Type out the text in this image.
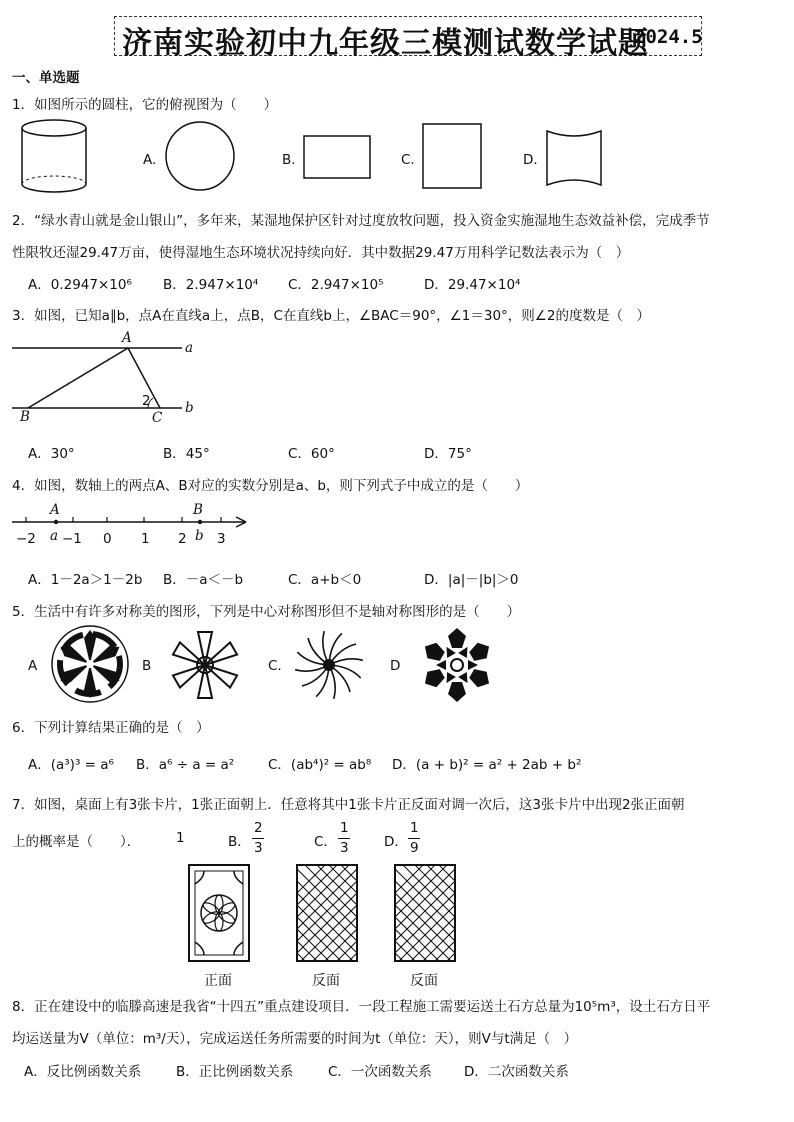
济南实验初中九年级三模测试数学试题
2024.5
一、单选题
1．如图所示的圆柱，它的俯视图为（　　）
A.	B.	C.	D.
2．“绿水青山就是金山银山”，多年来，某湿地保护区针对过度放牧问题，投入资金实施湿地生态效益补偿，完成季节
性限牧还湿29.47万亩，使得湿地生态环境状况持续向好．其中数据29.47万用科学记数法表示为（　）
A．0.2947×10⁶ B．2.947×10⁴ C．2.947×10⁵	D．29.47×10⁴
3．如图，已知a∥b，点A在直线a上，点B，C在直线b上，∠BAC＝90°，∠1＝30°，则∠2的度数是（　）
A
a
B	C
b
2
A．30°	B．45°	C．60°	D．75°
4．如图，数轴上的两点A、B对应的实数分别是a、b，则下列式子中成立的是（　　）
A	B
−2 a −1 0 1 2 b 3
A．1－2a＞1－2b B．－a＜－b	C．a+b＜0	D．|a|－|b|＞0
5．生活中有许多对称美的图形，下列是中心对称图形但不是轴对称图形的是（　　）
A	B	C.	D
6．下列计算结果正确的是（　）
A．(a³)³ = a⁶ B．a⁶ ÷ a = a²	C．(ab⁴)² = ab⁸ D．(a + b)² = a² + 2ab + b²
7．如图，桌面上有3张卡片，1张正面朝上．任意将其中1张卡片正反面对调一次后，这3张卡片中出现2张正面朝
上的概率是（　　）．	1	B．
2
3	C．
1
3	D．
1
9
正面	反面	反面
8．正在建设中的临滕高速是我省“十四五”重点建设项目．一段工程施工需要运送土石方总量为10⁵m³，设土石方日平
均运送量为V（单位：m³/天），完成运送任务所需要的时间为t（单位：天），则V与t满足（　）
A．反比例函数关系	B．正比例函数关系	C．一次函数关系 D．二次函数关系
